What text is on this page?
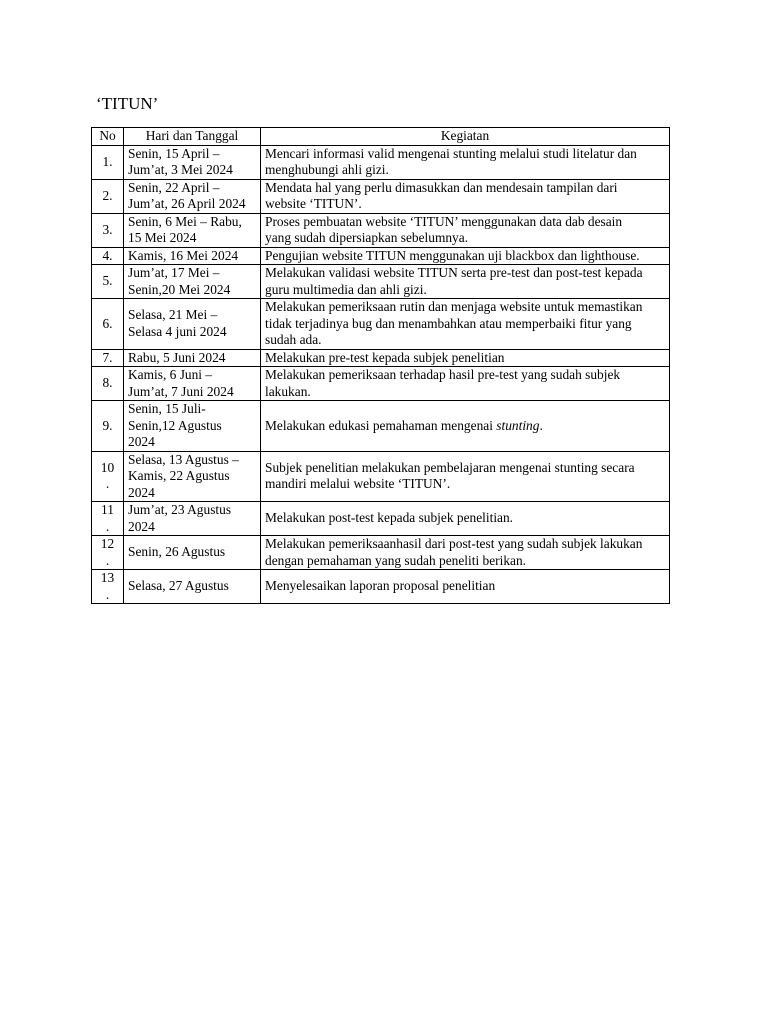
‘TITUN’
No	Hari dan Tanggal	Kegiatan
1.	Senin, 15 April –
Jum’at, 3 Mei 2024	Mencari informasi valid mengenai stunting melalui studi litelatur dan
menghubungi ahli gizi.
2.	Senin, 22 April –
Jum’at, 26 April 2024	Mendata hal yang perlu dimasukkan dan mendesain tampilan dari
website ‘TITUN’.
3.	Senin, 6 Mei – Rabu,
15 Mei 2024	Proses pembuatan website ‘TITUN’ menggunakan data dab desain
yang sudah dipersiapkan sebelumnya.
4.	Kamis, 16 Mei 2024	Pengujian website TITUN menggunakan uji blackbox dan lighthouse.
5.	Jum’at, 17 Mei –
Senin,20 Mei 2024	Melakukan validasi website TITUN serta pre-test dan post-test kepada
guru multimedia dan ahli gizi.
6.	Selasa, 21 Mei –
Selasa 4 juni 2024	Melakukan pemeriksaan rutin dan menjaga website untuk memastikan
tidak terjadinya bug dan menambahkan atau memperbaiki fitur yang
sudah ada.
7.	Rabu, 5 Juni 2024	Melakukan pre-test kepada subjek penelitian
8.	Kamis, 6 Juni –
Jum’at, 7 Juni 2024	Melakukan pemeriksaan terhadap hasil pre-test yang sudah subjek
lakukan.
9.	Senin, 15 Juli-
Senin,12 Agustus
2024	Melakukan edukasi pemahaman mengenai stunting.
10
.	Selasa, 13 Agustus –
Kamis, 22 Agustus
2024	Subjek penelitian melakukan pembelajaran mengenai stunting secara
mandiri melalui website ‘TITUN’.
11
.	Jum’at, 23 Agustus
2024	Melakukan post-test kepada subjek penelitian.
12
.	Senin, 26 Agustus	Melakukan pemeriksaanhasil dari post-test yang sudah subjek lakukan
dengan pemahaman yang sudah peneliti berikan.
13
.	Selasa, 27 Agustus	Menyelesaikan laporan proposal penelitian
